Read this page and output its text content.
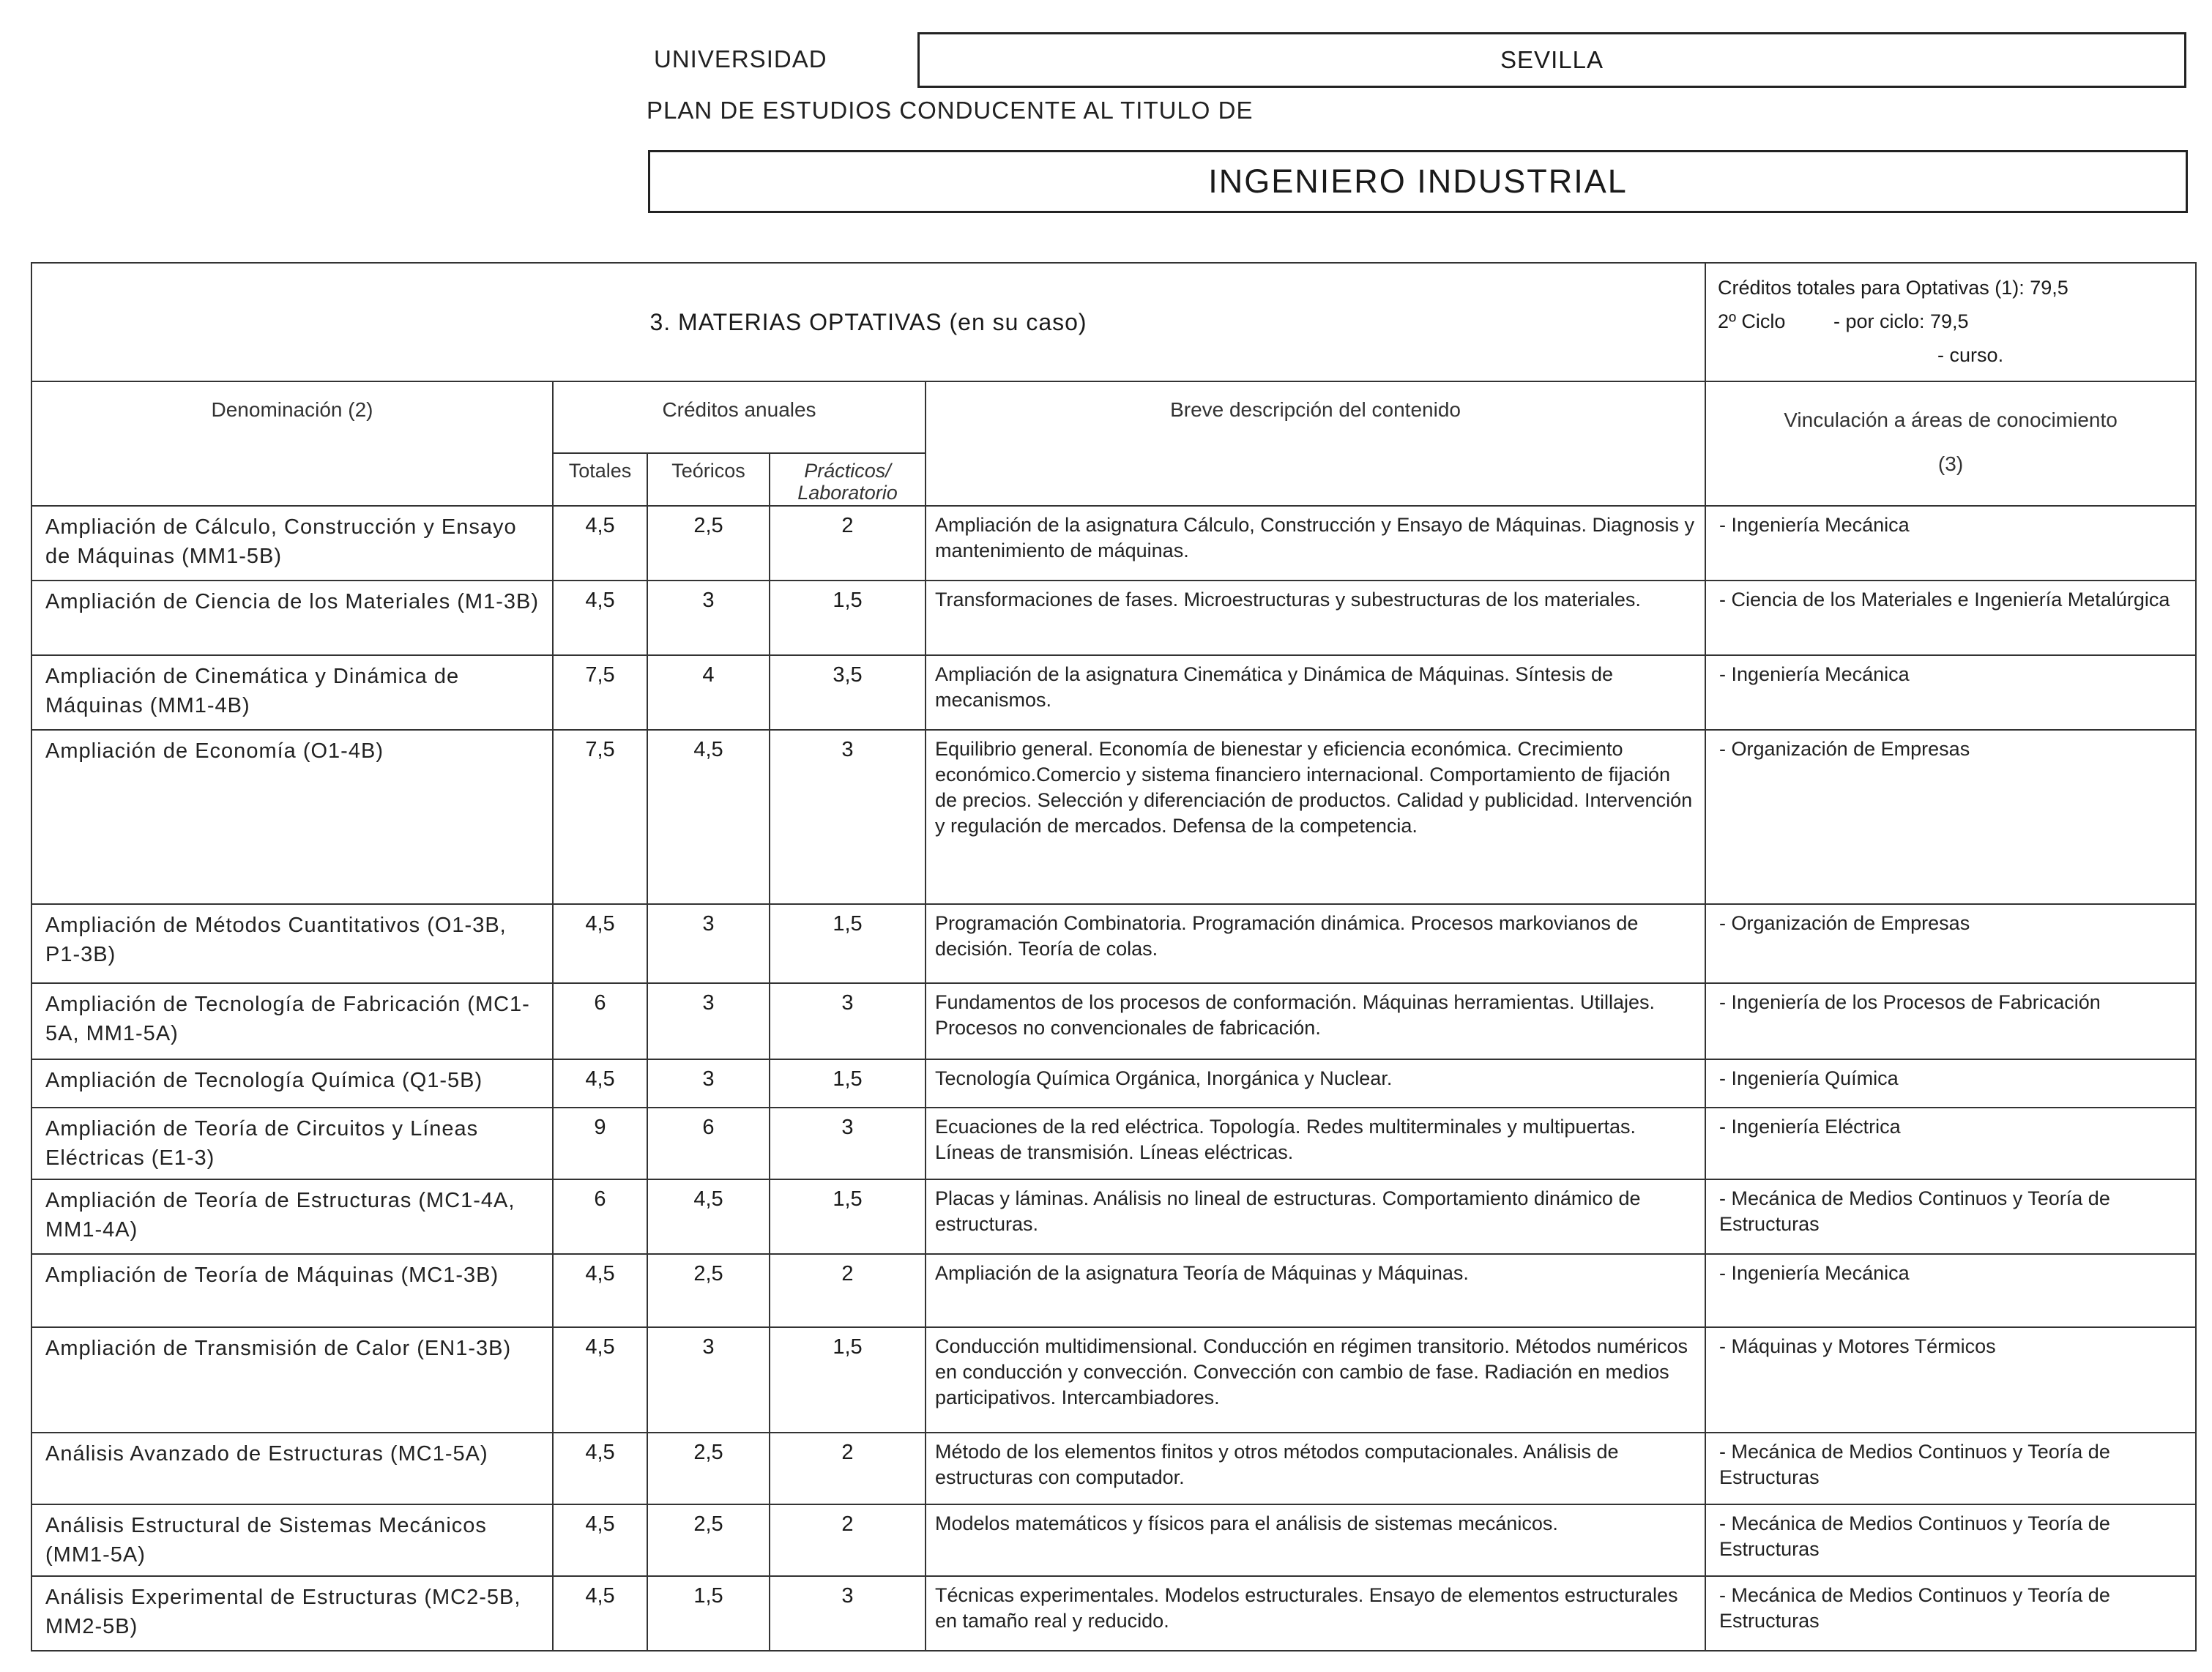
UNIVERSIDAD	SEVILLA
PLAN DE ESTUDIOS CONDUCENTE AL TITULO DE
INGENIERO INDUSTRIAL
3. MATERIAS OPTATIVAS (en su caso)					Créditos totales para Optativas (1): 79,5
2º Ciclo - por ciclo: 79,5
- curso.

Denominación (2)	Créditos anuales			Breve descripción del contenido	Vinculación a áreas de conocimiento
(3)

	Totales	Teóricos	Prácticos/ Laboratorio		
Ampliación de Cálculo, Construcción y Ensayo de Máquinas (MM1-5B)	4,5	2,5	2	Ampliación de la asignatura Cálculo, Construcción y Ensayo de Máquinas. Diagnosis y mantenimiento de máquinas.	- Ingeniería Mecánica
Ampliación de Ciencia de los Materiales (M1-3B)	4,5	3	1,5	Transformaciones de fases. Microestructuras y subestructuras de los materiales.	- Ciencia de los Materiales e Ingeniería Metalúrgica
Ampliación de Cinemática y Dinámica de Máquinas (MM1-4B)	7,5	4	3,5	Ampliación de la asignatura Cinemática y Dinámica de Máquinas. Síntesis de mecanismos.	- Ingeniería Mecánica
Ampliación de Economía (O1-4B)	7,5	4,5	3	Equilibrio general. Economía de bienestar y eficiencia económica. Crecimiento económico.Comercio y sistema financiero internacional. Comportamiento de fijación de precios. Selección y diferenciación de productos. Calidad y publicidad. Intervención y regulación de mercados. Defensa de la competencia.	- Organización de Empresas
Ampliación de Métodos Cuantitativos (O1-3B, P1-3B)	4,5	3	1,5	Programación Combinatoria. Programación dinámica. Procesos markovianos de decisión. Teoría de colas.	- Organización de Empresas
Ampliación de Tecnología de Fabricación (MC1-5A, MM1-5A)	6	3	3	Fundamentos de los procesos de conformación. Máquinas herramientas. Utillajes. Procesos no convencionales de fabricación.	- Ingeniería de los Procesos de Fabricación
Ampliación de Tecnología Química (Q1-5B)	4,5	3	1,5	Tecnología Química Orgánica, Inorgánica y Nuclear.	- Ingeniería Química
Ampliación de Teoría de Circuitos y Líneas Eléctricas (E1-3)	9	6	3	Ecuaciones de la red eléctrica. Topología. Redes multiterminales y multipuertas. Líneas de transmisión. Líneas eléctricas.	- Ingeniería Eléctrica
Ampliación de Teoría de Estructuras (MC1-4A, MM1-4A)	6	4,5	1,5	Placas y láminas. Análisis no lineal de estructuras. Comportamiento dinámico de estructuras.	- Mecánica de Medios Continuos y Teoría de Estructuras
Ampliación de Teoría de Máquinas (MC1-3B)	4,5	2,5	2	Ampliación de la asignatura Teoría de Máquinas y Máquinas.	- Ingeniería Mecánica
Ampliación de Transmisión de Calor (EN1-3B)	4,5	3	1,5	Conducción multidimensional. Conducción en régimen transitorio. Métodos numéricos en conducción y convección. Convección con cambio de fase. Radiación en medios participativos. Intercambiadores.	- Máquinas y Motores Térmicos
Análisis Avanzado de Estructuras (MC1-5A)	4,5	2,5	2	Método de los elementos finitos y otros métodos computacionales. Análisis de estructuras con computador.	- Mecánica de Medios Continuos y Teoría de Estructuras
Análisis Estructural de Sistemas Mecánicos (MM1-5A)	4,5	2,5	2	Modelos matemáticos y físicos para el análisis de sistemas mecánicos.	- Mecánica de Medios Continuos y Teoría de Estructuras
Análisis Experimental de Estructuras (MC2-5B, MM2-5B)	4,5	1,5	3	Técnicas experimentales. Modelos estructurales. Ensayo de elementos estructurales en tamaño real y reducido.	- Mecánica de Medios Continuos y Teoría de Estructuras
